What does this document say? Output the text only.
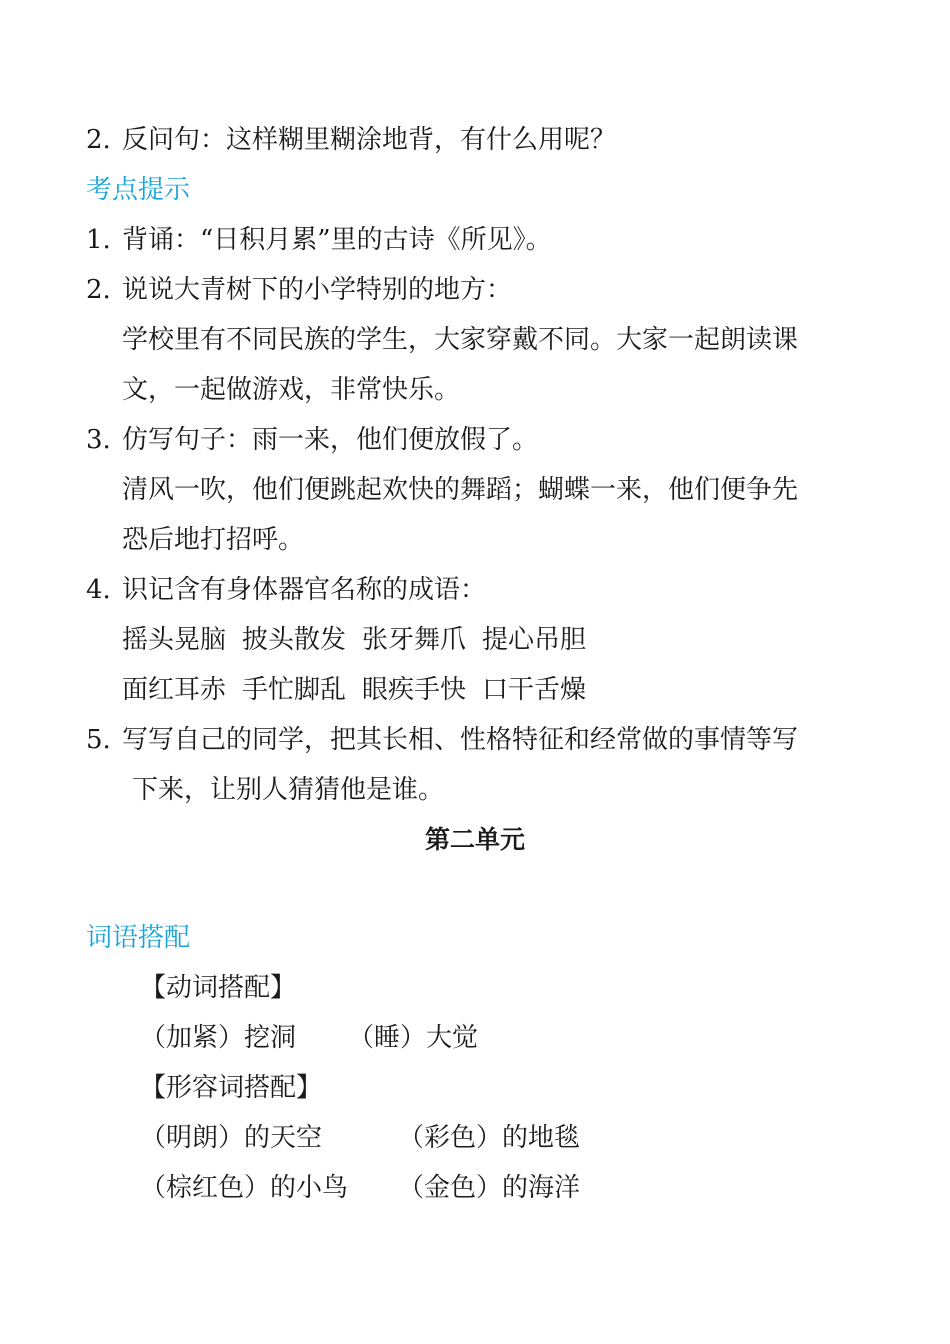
2. 反问句：这样糊里糊涂地背，有什么用呢？
考点提示
1. 背诵：“日积月累”里的古诗《所见》。
2. 说说大青树下的小学特别的地方：
学校里有不同民族的学生，大家穿戴不同。大家一起朗读课
文，一起做游戏，非常快乐。
3. 仿写句子：雨一来，他们便放假了。
清风一吹，他们便跳起欢快的舞蹈；蝴蝶一来，他们便争先
恐后地打招呼。
4. 识记含有身体器官名称的成语：
摇头晃脑 披头散发 张牙舞爪 提心吊胆
面红耳赤 手忙脚乱 眼疾手快 口干舌燥
5. 写写自己的同学，把其长相、性格特征和经常做的事情等写
下来，让别人猜猜他是谁。
第二单元
词语搭配
【动词搭配】
（加紧）挖洞 （睡）大觉
【形容词搭配】
（明朗）的天空	（彩色）的地毯
（棕红色）的小鸟 （金色）的海洋
